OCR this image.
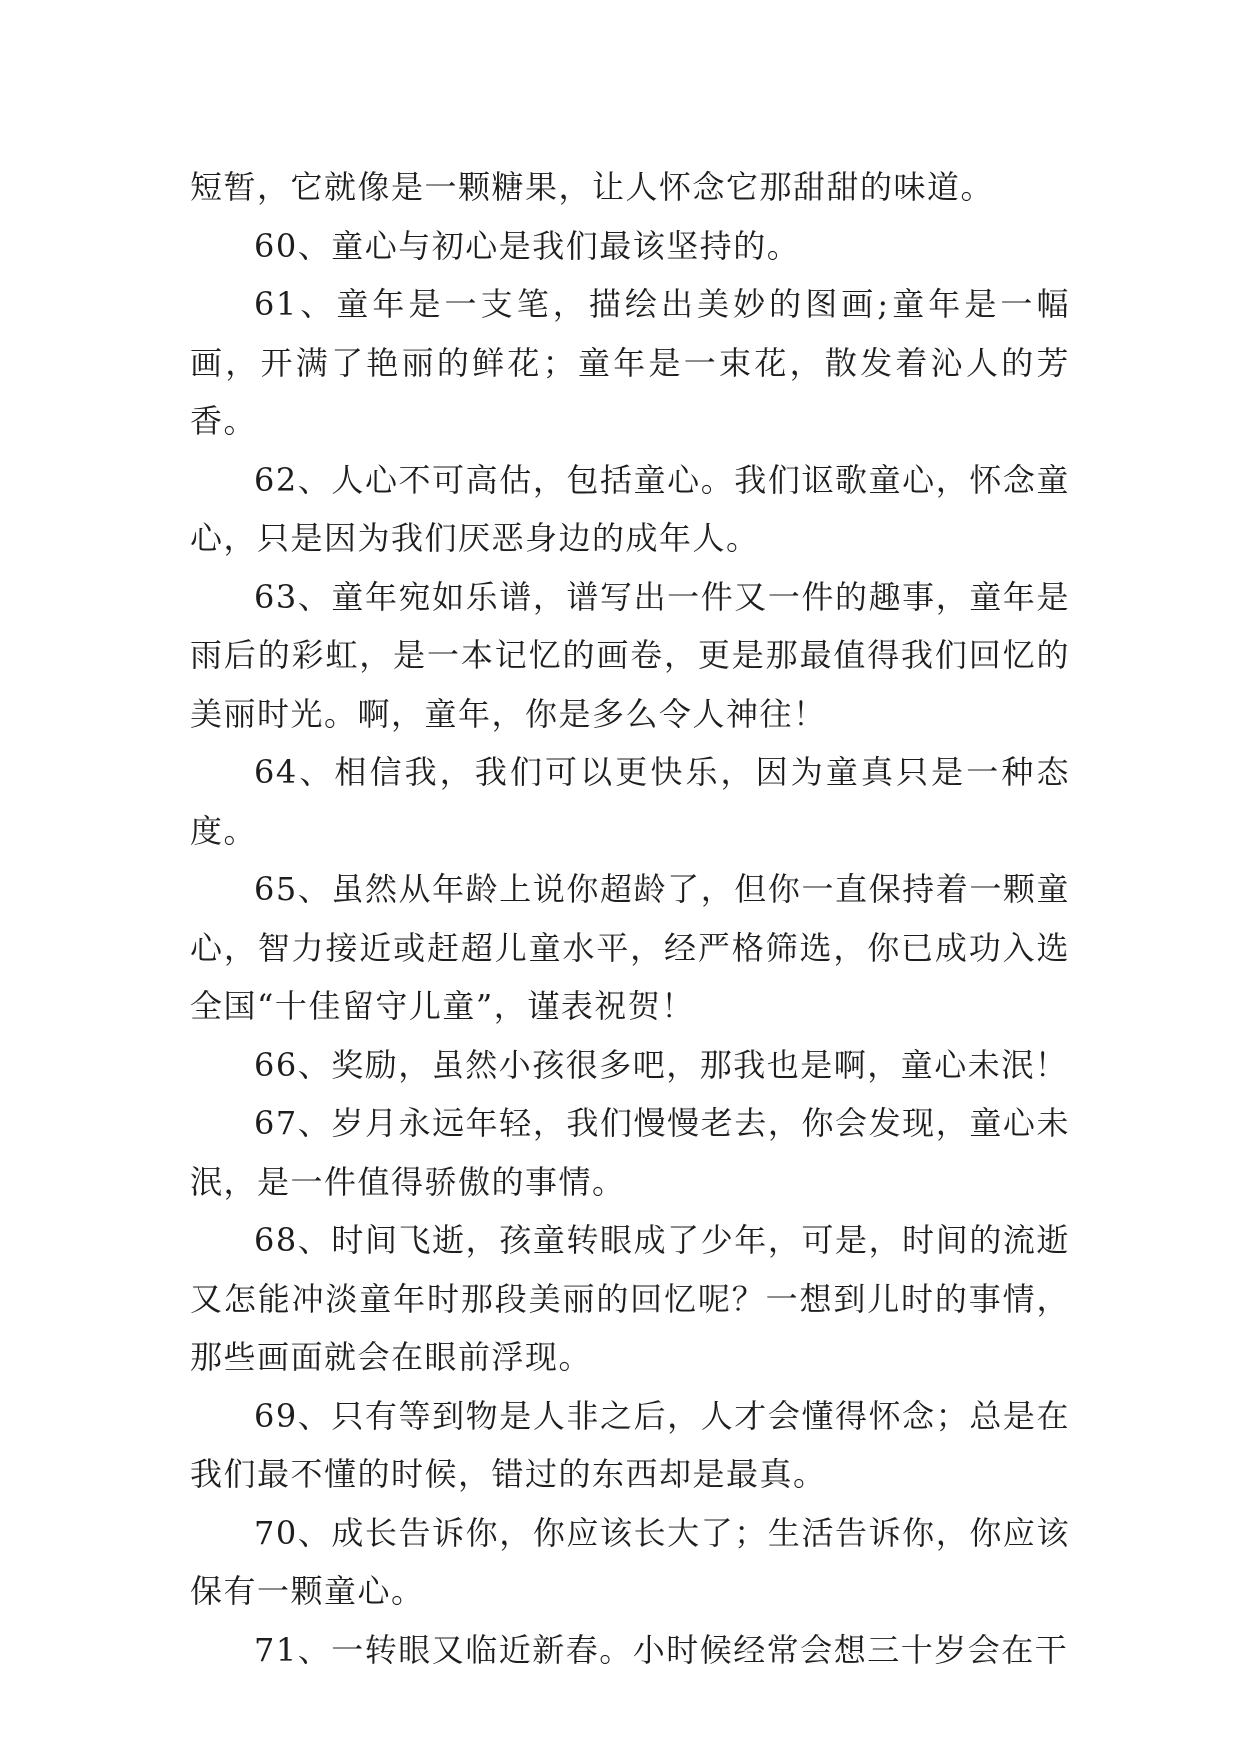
短暂，它就像是一颗糖果，让人怀念它那甜甜的味道。

60、童心与初心是我们最该坚持的。

61、童年是一支笔，描绘出美妙的图画;童年是一幅画，开满了艳丽的鲜花；童年是一束花，散发着沁人的芳香。

62、人心不可高估，包括童心。我们讴歌童心，怀念童心，只是因为我们厌恶身边的成年人。

63、童年宛如乐谱，谱写出一件又一件的趣事，童年是雨后的彩虹，是一本记忆的画卷，更是那最值得我们回忆的美丽时光。啊，童年，你是多么令人神往！

64、相信我，我们可以更快乐，因为童真只是一种态度。

65、虽然从年龄上说你超龄了，但你一直保持着一颗童心，智力接近或赶超儿童水平，经严格筛选，你已成功入选全国“十佳留守儿童”，谨表祝贺！

66、奖励，虽然小孩很多吧，那我也是啊，童心未泯！

67、岁月永远年轻，我们慢慢老去，你会发现，童心未泯，是一件值得骄傲的事情。

68、时间飞逝，孩童转眼成了少年，可是，时间的流逝又怎能冲淡童年时那段美丽的回忆呢？一想到儿时的事情，那些画面就会在眼前浮现。

69、只有等到物是人非之后，人才会懂得怀念；总是在我们最不懂的时候，错过的东西却是最真。

70、成长告诉你，你应该长大了；生活告诉你，你应该保有一颗童心。

71、一转眼又临近新春。小时候经常会想三十岁会在干
